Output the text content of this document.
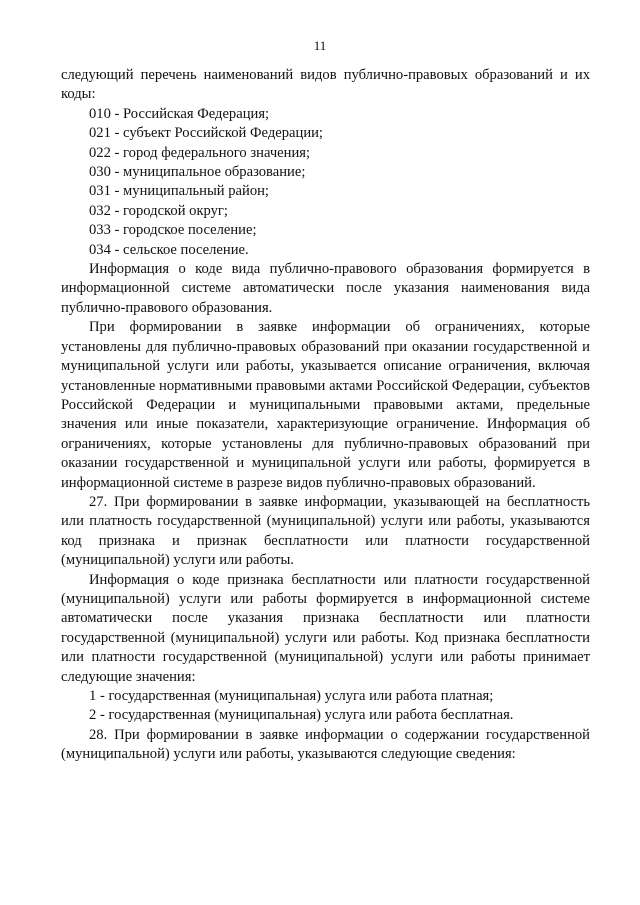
11

следующий перечень наименований видов публично-правовых образований и их коды:

010 - Российская Федерация;
021 - субъект Российской Федерации;
022 - город федерального значения;
030 - муниципальное образование;
031 - муниципальный район;
032 - городской округ;
033 - городское поселение;
034 - сельское поселение.

Информация о коде вида публично-правового образования формируется в информационной системе автоматически после указания наименования вида публично-правового образования.

При формировании в заявке информации об ограничениях, которые установлены для публично-правовых образований при оказании государственной и муниципальной услуги или работы, указывается описание ограничения, включая установленные нормативными правовыми актами Российской Федерации, субъектов Российской Федерации и муниципальными правовыми актами, предельные значения или иные показатели, характеризующие ограничение. Информация об ограничениях, которые установлены для публично-правовых образований при оказании государственной и муниципальной услуги или работы, формируется в информационной системе в разрезе видов публично-правовых образований.

27. При формировании в заявке информации, указывающей на бесплатность или платность государственной (муниципальной) услуги или работы, указываются код признака и признак бесплатности или платности государственной (муниципальной) услуги или работы.

Информация о коде признака бесплатности или платности государственной (муниципальной) услуги или работы формируется в информационной системе автоматически после указания признака бесплатности или платности государственной (муниципальной) услуги или работы. Код признака бесплатности или платности государственной (муниципальной) услуги или работы принимает следующие значения:

1 - государственная (муниципальная) услуга или работа платная;
2 - государственная (муниципальная) услуга или работа бесплатная.

28. При формировании в заявке информации о содержании государственной (муниципальной) услуги или работы, указываются следующие сведения:
